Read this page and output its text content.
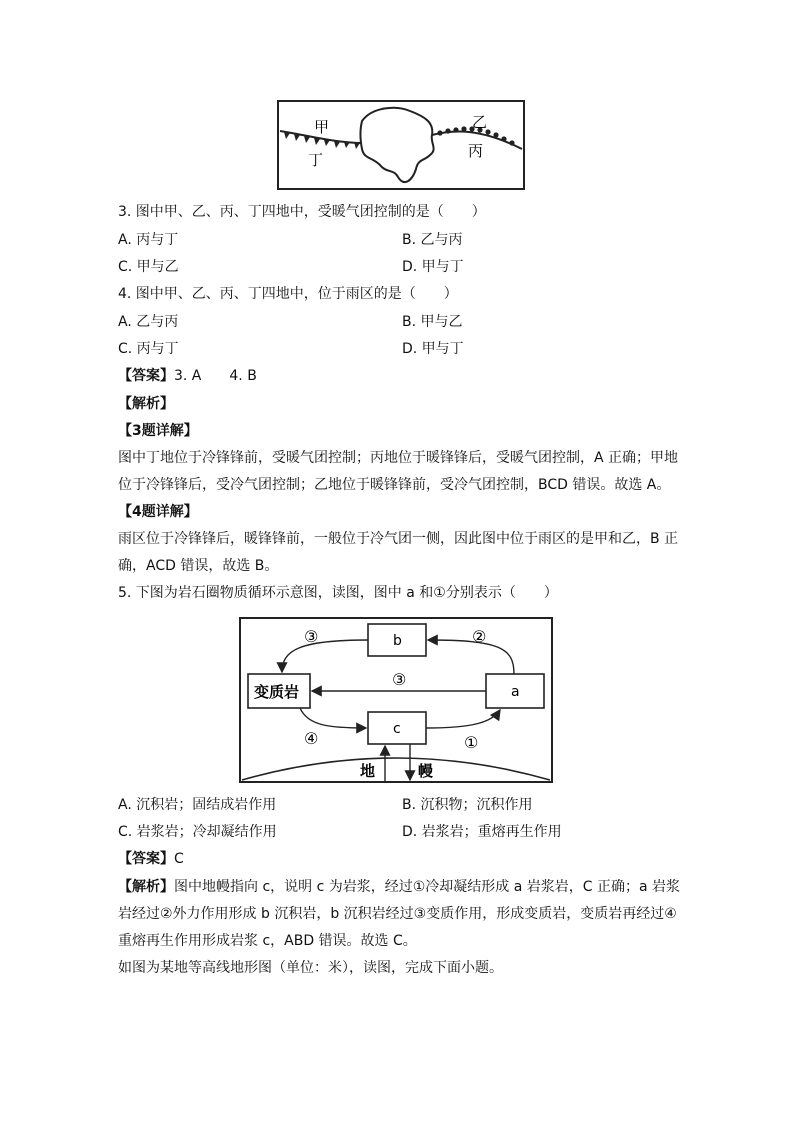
甲
丁
乙
丙
3. 图中甲、乙、丙、丁四地中，受暖气团控制的是（　　）
A. 丙与丁	B. 乙与丙
C. 甲与乙	D. 甲与丁
4. 图中甲、乙、丙、丁四地中，位于雨区的是（　　）
A. 乙与丙	B. 甲与乙
C. 丙与丁	D. 甲与丁
【答案】3. A　　4. B
【解析】
【3题详解】
图中丁地位于冷锋锋前，受暖气团控制；丙地位于暖锋锋后，受暖气团控制，A 正确；甲地
位于冷锋锋后，受冷气团控制；乙地位于暖锋锋前，受冷气团控制，BCD 错误。故选 A。
【4题详解】
雨区位于冷锋锋后，暖锋锋前，一般位于冷气团一侧，因此图中位于雨区的是甲和乙，B 正
确，ACD 错误，故选 B。
5. 下图为岩石圈物质循环示意图，读图，图中 a 和①分别表示（　　）
b
a
c
变质岩
③	②
③
④	①
地	幔
A. 沉积岩；固结成岩作用	B. 沉积物；沉积作用
C. 岩浆岩；冷却凝结作用	D. 岩浆岩；重熔再生作用
【答案】C
【解析】图中地幔指向 c，说明 c 为岩浆，经过①冷却凝结形成 a 岩浆岩，C 正确；a 岩浆
岩经过②外力作用形成 b 沉积岩，b 沉积岩经过③变质作用，形成变质岩，变质岩再经过④
重熔再生作用形成岩浆 c，ABD 错误。故选 C。
如图为某地等高线地形图（单位：米），读图，完成下面小题。
